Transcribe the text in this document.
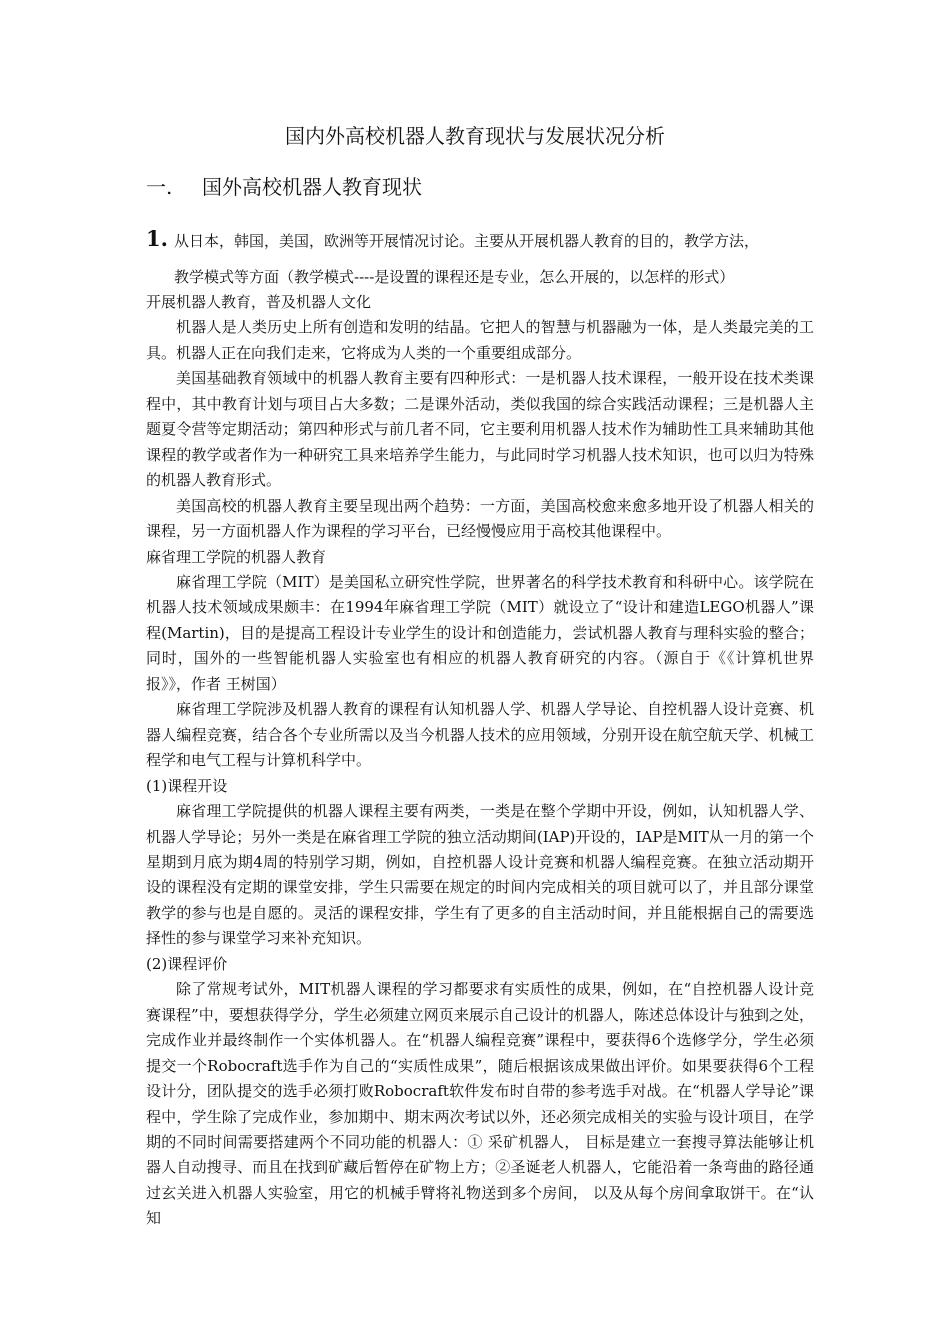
国内外高校机器人教育现状与发展状况分析
一. 国外高校机器人教育现状
1. 从日本，韩国，美国，欧洲等开展情况讨论。主要从开展机器人教育的目的，教学方法，
教学模式等方面（教学模式----是设置的课程还是专业，怎么开展的，以怎样的形式）

开展机器人教育，普及机器人文化

机器人是人类历史上所有创造和发明的结晶。它把人的智慧与机器融为一体，是人类最完美的工具。机器人正在向我们走来，它将成为人类的一个重要组成部分。

美国基础教育领域中的机器人教育主要有四种形式：一是机器人技术课程，一般开设在技术类课程中，其中教育计划与项目占大多数；二是课外活动，类似我国的综合实践活动课程；三是机器人主题夏令营等定期活动；第四种形式与前几者不同，它主要利用机器人技术作为辅助性工具来辅助其他课程的教学或者作为一种研究工具来培养学生能力，与此同时学习机器人技术知识，也可以归为特殊的机器人教育形式。

美国高校的机器人教育主要呈现出两个趋势：一方面，美国高校愈来愈多地开设了机器人相关的课程，另一方面机器人作为课程的学习平台，已经慢慢应用于高校其他课程中。

麻省理工学院的机器人教育

麻省理工学院（MIT）是美国私立研究性学院，世界著名的科学技术教育和科研中心。该学院在机器人技术领域成果颇丰：在1994年麻省理工学院（MIT）就设立了“设计和建造LEGO机器人”课程(Martin)，目的是提高工程设计专业学生的设计和创造能力，尝试机器人教育与理科实验的整合；同时，国外的一些智能机器人实验室也有相应的机器人教育研究的内容。（源自于《《计算机世界报》》，作者 王树国）

麻省理工学院涉及机器人教育的课程有认知机器人学、机器人学导论、自控机器人设计竞赛、机器人编程竞赛，结合各个专业所需以及当今机器人技术的应用领域，分别开设在航空航天学、机械工程学和电气工程与计算机科学中。

(1)课程开设

麻省理工学院提供的机器人课程主要有两类，一类是在整个学期中开设，例如，认知机器人学、机器人学导论；另外一类是在麻省理工学院的独立活动期间(IAP)开设的，IAP是MIT从一月的第一个星期到月底为期4周的特别学习期，例如，自控机器人设计竞赛和机器人编程竞赛。在独立活动期开设的课程没有定期的课堂安排，学生只需要在规定的时间内完成相关的项目就可以了，并且部分课堂教学的参与也是自愿的。灵活的课程安排，学生有了更多的自主活动时间，并且能根据自己的需要选择性的参与课堂学习来补充知识。

(2)课程评价

除了常规考试外，MIT机器人课程的学习都要求有实质性的成果，例如，在“自控机器人设计竞赛课程”中，要想获得学分，学生必须建立网页来展示自己设计的机器人，陈述总体设计与独到之处，完成作业并最终制作一个实体机器人。在“机器人编程竞赛”课程中，要获得6个选修学分，学生必须提交一个Robocraft选手作为自己的“实质性成果”，随后根据该成果做出评价。如果要获得6个工程设计分，团队提交的选手必须打败Robocraft软件发布时自带的参考选手对战。在“机器人学导论”课程中，学生除了完成作业，参加期中、期末两次考试以外，还必须完成相关的实验与设计项目，在学期的不同时间需要搭建两个不同功能的机器人：① 采矿机器人， 目标是建立一套搜寻算法能够让机器人自动搜寻、而且在找到矿藏后暂停在矿物上方；②圣诞老人机器人，它能沿着一条弯曲的路径通过玄关进入机器人实验室，用它的机械手臂将礼物送到多个房间， 以及从每个房间拿取饼干。在“认知
